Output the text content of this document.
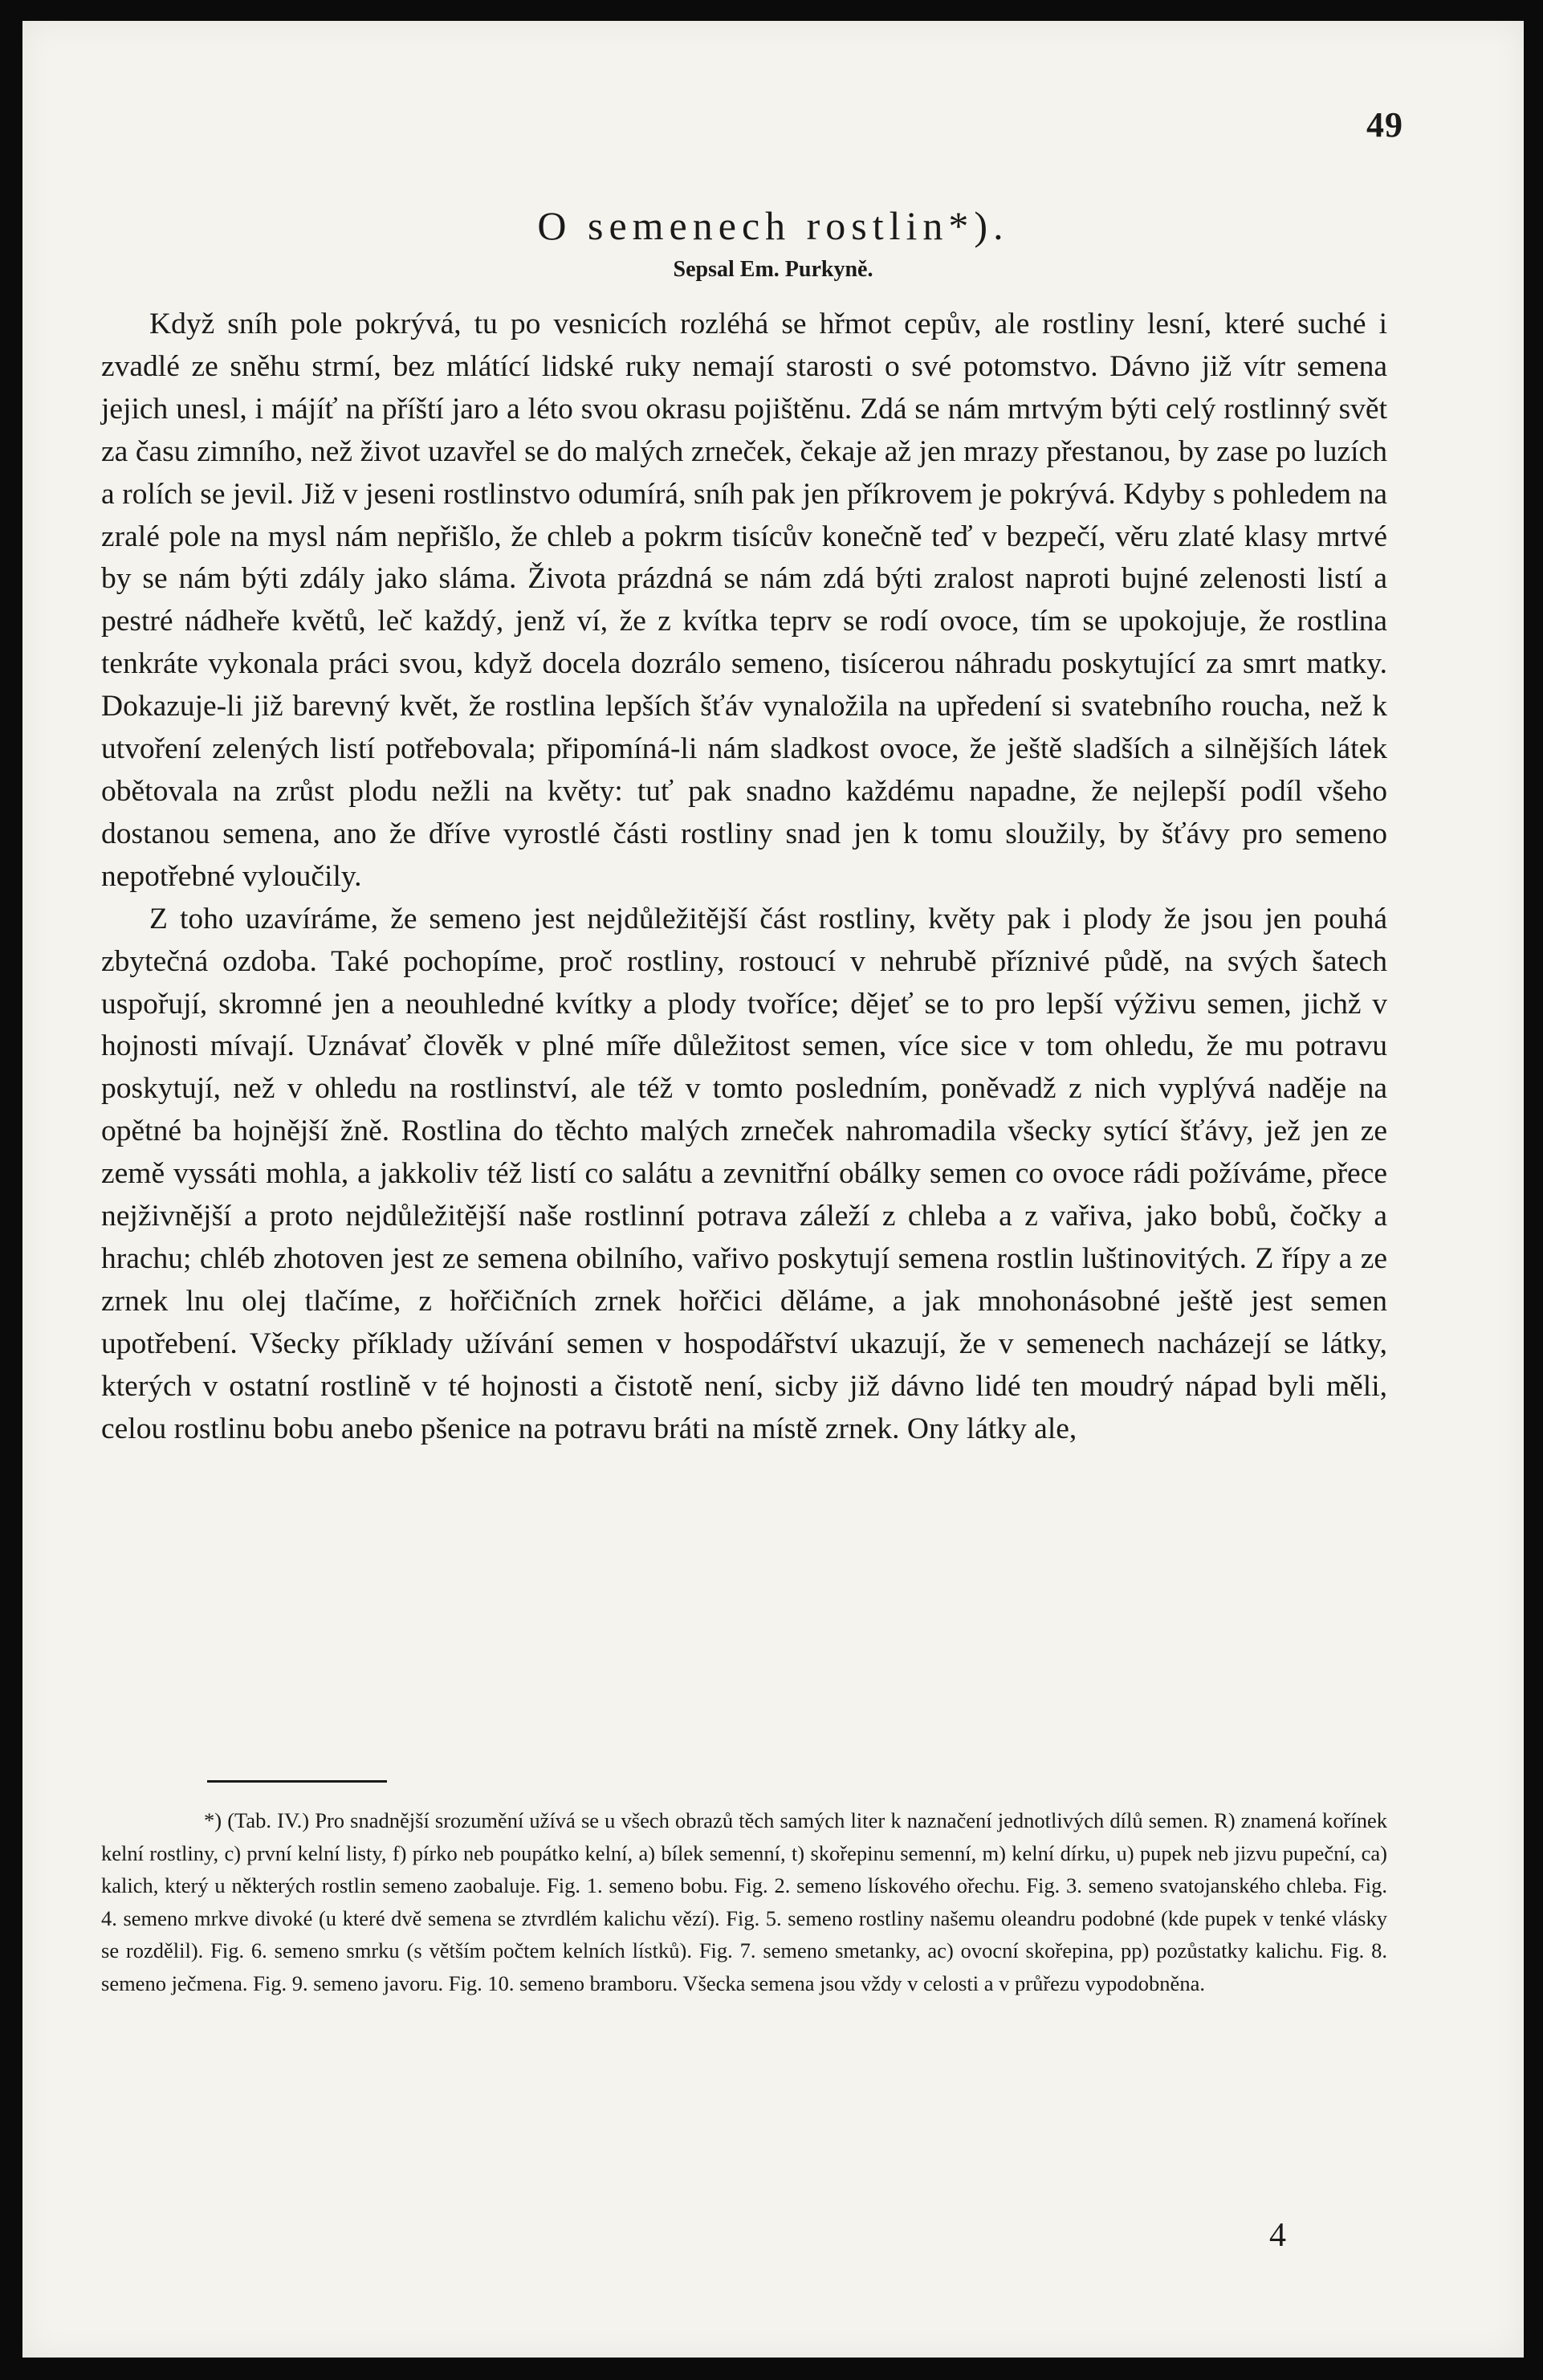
49
O semenech rostlin*).
Sepsal Em. Purkyně.

Když sníh pole pokrývá, tu po vesnicích rozléhá se hřmot cepův, ale rostliny lesní, které suché i zvadlé ze sněhu strmí, bez mlátící lidské ruky nemají starosti o své potomstvo. Dávno již vítr semena jejich unesl, i májíť na příští jaro a léto svou okrasu pojištěnu. Zdá se nám mrtvým býti celý rostlinný svět za času zimního, než život uzavřel se do malých zrneček, čekaje až jen mrazy přestanou, by zase po luzích a rolích se jevil. Již v jeseni rostlinstvo odumírá, sníh pak jen příkrovem je pokrývá. Kdyby s pohledem na zralé pole na mysl nám nepřišlo, že chleb a pokrm tisícův konečně teď v bezpečí, věru zlaté klasy mrtvé by se nám býti zdály jako sláma. Života prázdná se nám zdá býti zralost naproti bujné zelenosti listí a pestré nádheře květů, leč každý, jenž ví, že z kvítka teprv se rodí ovoce, tím se upokojuje, že rostlina tenkráte vykonala práci svou, když docela dozrálo semeno, tisícerou náhradu poskytující za smrt matky. Dokazuje-li již barevný květ, že rostlina lepších šťáv vynaložila na upředení si svatebního roucha, než k utvoření zelených listí potřebovala; připomíná-li nám sladkost ovoce, že ještě sladších a silnějších látek obětovala na zrůst plodu nežli na květy: tuť pak snadno každému napadne, že nejlepší podíl všeho dostanou semena, ano že dříve vyrostlé části rostliny snad jen k tomu sloužily, by šťávy pro semeno nepotřebné vyloučily.

Z toho uzavíráme, že semeno jest nejdůležitější část rostliny, květy pak i plody že jsou jen pouhá zbytečná ozdoba. Také pochopíme, proč rostliny, rostoucí v nehrubě příznivé půdě, na svých šatech uspořují, skromné jen a neouhledné kvítky a plody tvoříce; dějeť se to pro lepší výživu semen, jichž v hojnosti mívají. Uznávať člověk v plné míře důležitost semen, více sice v tom ohledu, že mu potravu poskytují, než v ohledu na rostlinství, ale též v tomto posledním, poněvadž z nich vyplývá naděje na opětné ba hojnější žně. Rostlina do těchto malých zrneček nahromadila všecky sytící šťávy, jež jen ze země vyssáti mohla, a jakkoliv též listí co salátu a zevnitřní obálky semen co ovoce rádi požíváme, přece nejživnější a proto nejdůležitější naše rostlinní potrava záleží z chleba a z vařiva, jako bobů, čočky a hrachu; chléb zhotoven jest ze semena obilního, vařivo poskytují semena rostlin luštinovitých. Z řípy a ze zrnek lnu olej tlačíme, z hořčičních zrnek hořčici děláme, a jak mnohonásobné ještě jest semen upotřebení. Všecky příklady užívání semen v hospodářství ukazují, že v semenech nacházejí se látky, kterých v ostatní rostlině v té hojnosti a čistotě není, sicby již dávno lidé ten moudrý nápad byli měli, celou rostlinu bobu anebo pšenice na potravu bráti na místě zrnek. Ony látky ale,

*) (Tab. IV.) Pro snadnější srozumění užívá se u všech obrazů těch samých liter k naznačení jednotlivých dílů semen. R) znamená kořínek kelní rostliny, c) první kelní listy, f) pírko neb poupátko kelní, a) bílek semenní, t) skořepinu semenní, m) kelní dírku, u) pupek neb jizvu pupeční, ca) kalich, který u některých rostlin semeno zaobaluje. Fig. 1. semeno bobu. Fig. 2. semeno lískového ořechu. Fig. 3. semeno svatojanského chleba. Fig. 4. semeno mrkve divoké (u které dvě semena se ztvrdlém kalichu vězí). Fig. 5. semeno rostliny našemu oleandru podobné (kde pupek v tenké vlásky se rozdělil). Fig. 6. semeno smrku (s větším počtem kelních lístků). Fig. 7. semeno smetanky, ac) ovocní skořepina, pp) pozůstatky kalichu. Fig. 8. semeno ječmena. Fig. 9. semeno javoru. Fig. 10. semeno bramboru. Všecka semena jsou vždy v celosti a v průřezu vypodobněna.

4
